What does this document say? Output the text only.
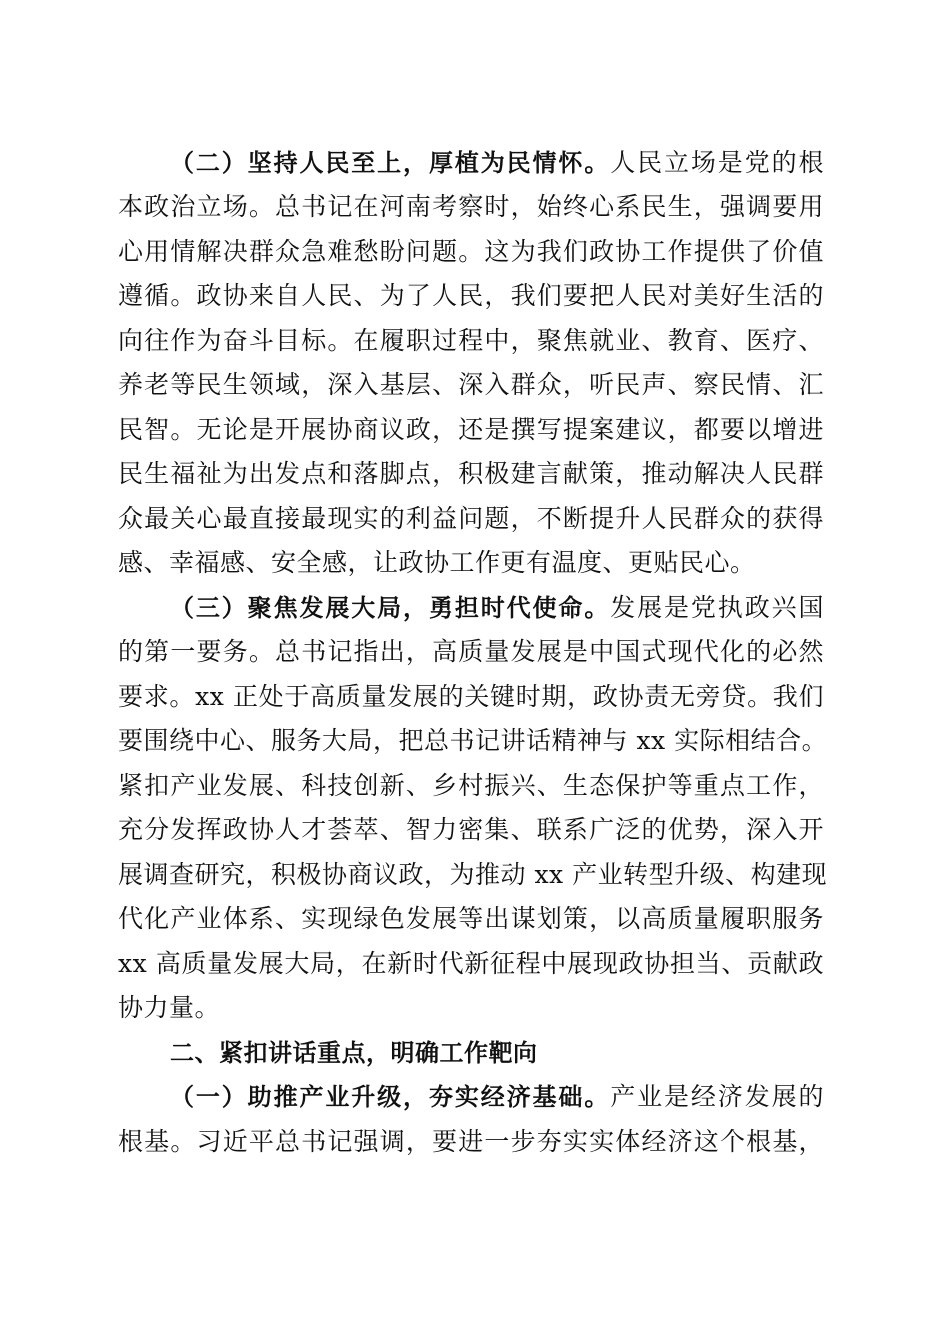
（二）坚持人民至上，厚植为民情怀。人民立场是党的根
本政治立场。总书记在河南考察时，始终心系民生，强调要用
心用情解决群众急难愁盼问题。这为我们政协工作提供了价值
遵循。政协来自人民、为了人民，我们要把人民对美好生活的
向往作为奋斗目标。在履职过程中，聚焦就业、教育、医疗、
养老等民生领域，深入基层、深入群众，听民声、察民情、汇
民智。无论是开展协商议政，还是撰写提案建议，都要以增进
民生福祉为出发点和落脚点，积极建言献策，推动解决人民群
众最关心最直接最现实的利益问题，不断提升人民群众的获得
感、幸福感、安全感，让政协工作更有温度、更贴民心。
（三）聚焦发展大局，勇担时代使命。发展是党执政兴国
的第一要务。总书记指出，高质量发展是中国式现代化的必然
要求。xx 正处于高质量发展的关键时期，政协责无旁贷。我们
要围绕中心、服务大局，把总书记讲话精神与 xx 实际相结合。
紧扣产业发展、科技创新、乡村振兴、生态保护等重点工作，
充分发挥政协人才荟萃、智力密集、联系广泛的优势，深入开
展调查研究，积极协商议政，为推动 xx 产业转型升级、构建现
代化产业体系、实现绿色发展等出谋划策，以高质量履职服务
xx 高质量发展大局，在新时代新征程中展现政协担当、贡献政
协力量。
二、紧扣讲话重点，明确工作靶向
（一）助推产业升级，夯实经济基础。产业是经济发展的
根基。习近平总书记强调，要进一步夯实实体经济这个根基，
